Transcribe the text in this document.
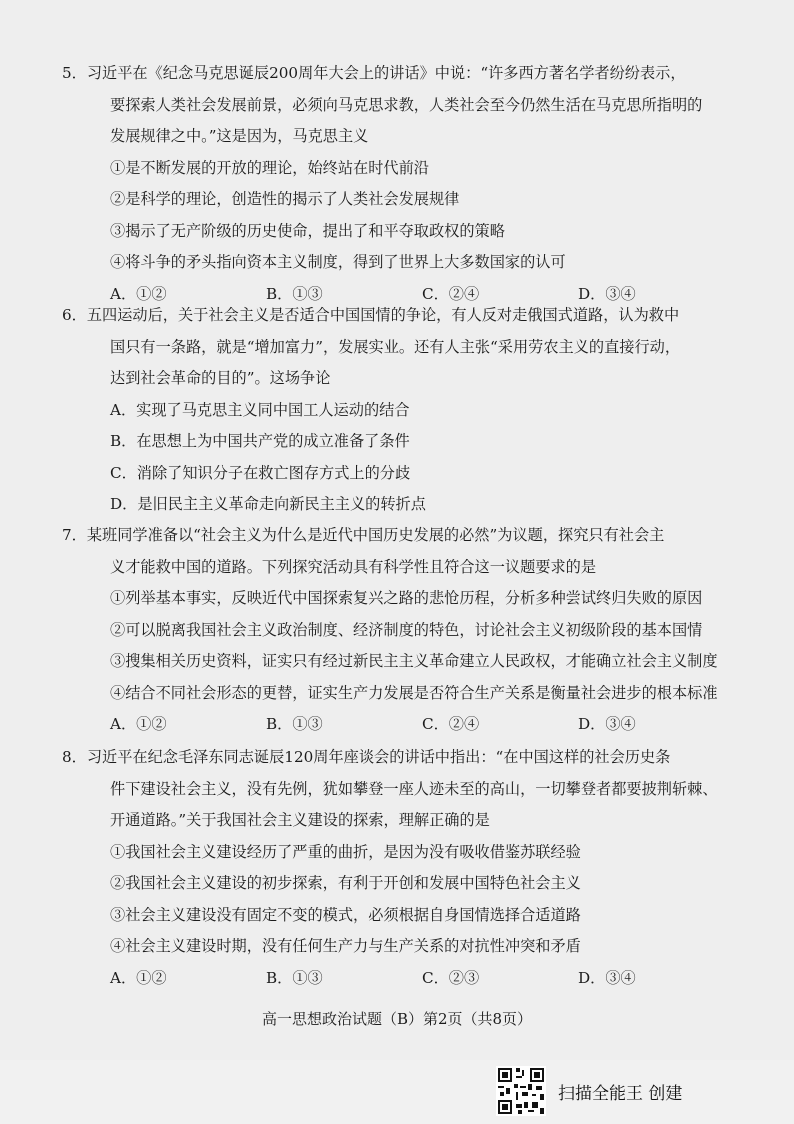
5．习近平在《纪念马克思诞辰200周年大会上的讲话》中说：“许多西方著名学者纷纷表示，
要探索人类社会发展前景，必须向马克思求教，人类社会至今仍然生活在马克思所指明的
发展规律之中。”这是因为，马克思主义
①是不断发展的开放的理论，始终站在时代前沿
②是科学的理论，创造性的揭示了人类社会发展规律
③揭示了无产阶级的历史使命，提出了和平夺取政权的策略
④将斗争的矛头指向资本主义制度，得到了世界上大多数国家的认可
A．①②	B．①③	C．②④	D．③④
6．五四运动后，关于社会主义是否适合中国国情的争论，有人反对走俄国式道路，认为救中
国只有一条路，就是“增加富力”，发展实业。还有人主张“采用劳农主义的直接行动，
达到社会革命的目的”。这场争论
A．实现了马克思主义同中国工人运动的结合
B．在思想上为中国共产党的成立准备了条件
C．消除了知识分子在救亡图存方式上的分歧
D．是旧民主主义革命走向新民主主义的转折点
7．某班同学准备以“社会主义为什么是近代中国历史发展的必然”为议题，探究只有社会主
义才能救中国的道路。下列探究活动具有科学性且符合这一议题要求的是
①列举基本事实，反映近代中国探索复兴之路的悲怆历程，分析多种尝试终归失败的原因
②可以脱离我国社会主义政治制度、经济制度的特色，讨论社会主义初级阶段的基本国情
③搜集相关历史资料，证实只有经过新民主主义革命建立人民政权，才能确立社会主义制度
④结合不同社会形态的更替，证实生产力发展是否符合生产关系是衡量社会进步的根本标准
A．①②	B．①③	C．②④	D．③④
8．习近平在纪念毛泽东同志诞辰120周年座谈会的讲话中指出：“在中国这样的社会历史条
件下建设社会主义，没有先例，犹如攀登一座人迹未至的高山，一切攀登者都要披荆斩棘、
开通道路。”关于我国社会主义建设的探索，理解正确的是
①我国社会主义建设经历了严重的曲折，是因为没有吸收借鉴苏联经验
②我国社会主义建设的初步探索，有利于开创和发展中国特色社会主义
③社会主义建设没有固定不变的模式，必须根据自身国情选择合适道路
④社会主义建设时期，没有任何生产力与生产关系的对抗性冲突和矛盾
A．①②	B．①③	C．②③	D．③④
高一思想政治试题（B）第2页（共8页）
扫描全能王 创建
